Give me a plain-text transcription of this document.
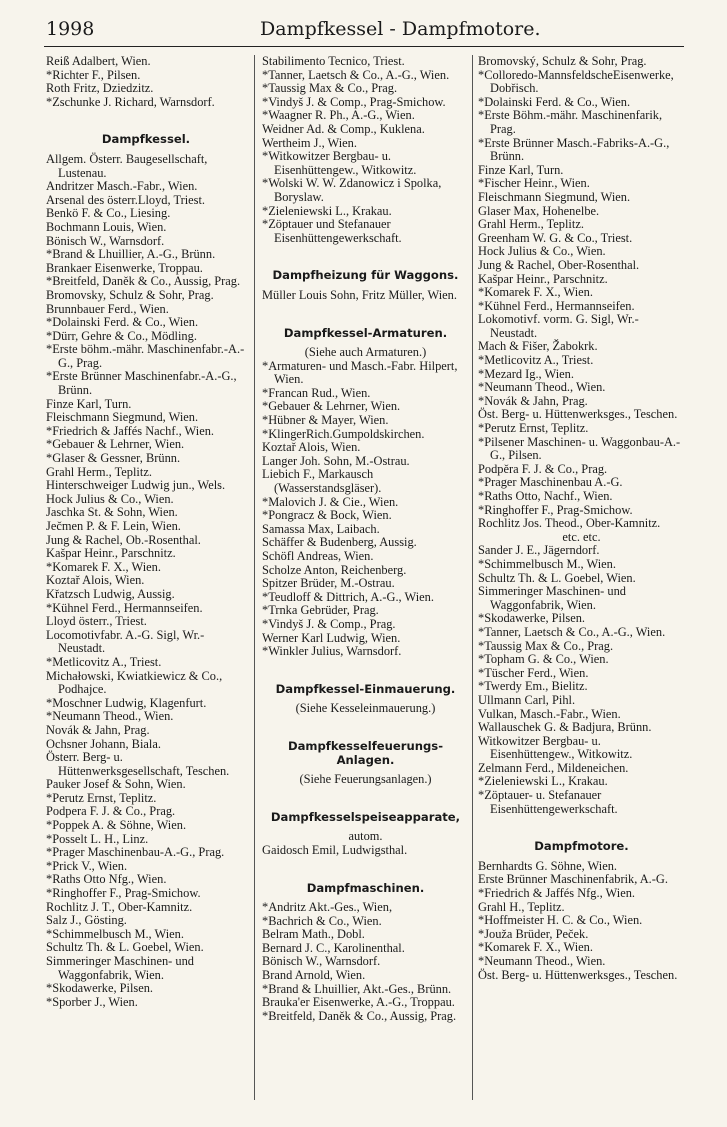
1998	Dampfkessel - Dampfmotore.
Reiß Adalbert, Wien.
*Richter F., Pilsen.
Roth Fritz, Dziedzitz.
*Zschunke J. Richard, Warnsdorf.
Dampfkessel.
Allgem. Österr. Baugesellschaft, Lustenau.
Andritzer Masch.-Fabr., Wien.
Arsenal des österr.Lloyd, Triest.
Benkö F. & Co., Liesing.
Bochmann Louis, Wien.
Bönisch W., Warnsdorf.
*Brand & Lhuillier, A.-G., Brünn.
Brankaer Eisenwerke, Troppau.
*Breitfeld, Daněk & Co., Aussig, Prag.
Bromovsky, Schulz & Sohr, Prag.
Brunnbauer Ferd., Wien.
*Dolainski Ferd. & Co., Wien.
*Dürr, Gehre & Co., Mödling.
*Erste böhm.-mähr. Maschinenfabr.-A.-G., Prag.
*Erste Brünner Maschinenfabr.-A.-G., Brünn.
Finze Karl, Turn.
Fleischmann Siegmund, Wien.
*Friedrich & Jaffés Nachf., Wien.
*Gebauer & Lehrner, Wien.
*Glaser & Gessner, Brünn.
Grahl Herm., Teplitz.
Hinterschweiger Ludwig jun., Wels.
Hock Julius & Co., Wien.
Jaschka St. & Sohn, Wien.
Ječmen P. & F. Lein, Wien.
Jung & Rachel, Ob.-Rosenthal.
Kašpar Heinr., Parschnitz.
*Komarek F. X., Wien.
Koztař Alois, Wien.
Křatzsch Ludwig, Aussig.
*Kühnel Ferd., Hermannseifen.
Lloyd österr., Triest.
Locomotivfabr. A.-G. Sigl, Wr.-Neustadt.
*Metlicovitz A., Triest.
Michałowski, Kwiatkiewicz & Co., Podhajce.
*Moschner Ludwig, Klagenfurt.
*Neumann Theod., Wien.
Novák & Jahn, Prag.
Ochsner Johann, Biala.
Österr. Berg- u. Hüttenwerksgesellschaft, Teschen.
Pauker Josef & Sohn, Wien.
*Perutz Ernst, Teplitz.
Podpera F. J. & Co., Prag.
*Poppek A. & Söhne, Wien.
*Posselt L. H., Linz.
*Prager Maschinenbau-A.-G., Prag.
*Prick V., Wien.
*Raths Otto Nfg., Wien.
*Ringhoffer F., Prag-Smichow.
Rochlitz J. T., Ober-Kamnitz.
Salz J., Gösting.
*Schimmelbusch M., Wien.
Schultz Th. & L. Goebel, Wien.
Simmeringer Maschinen- und Waggonfabrik, Wien.
*Skodawerke, Pilsen.
*Sporber J., Wien.
Stabilimento Tecnico, Triest.
*Tanner, Laetsch & Co., A.-G., Wien.
*Taussig Max & Co., Prag.
*Vindyš J. & Comp., Prag-Smichow.
*Waagner R. Ph., A.-G., Wien.
Weidner Ad. & Comp., Kuklena.
Wertheim J., Wien.
*Witkowitzer Bergbau- u. Eisenhüttengew., Witkowitz.
*Wolski W. W. Zdanowicz i Spolka, Boryslaw.
*Zieleniewski L., Krakau.
*Zöptauer und Stefanauer Eisenhüttengewerkschaft.
Dampfheizung für Waggons.
Müller Louis Sohn, Fritz Müller, Wien.
Dampfkessel-Armaturen.
(Siehe auch Armaturen.)
*Armaturen- und Masch.-Fabr. Hilpert, Wien.
*Francan Rud., Wien.
*Gebauer & Lehrner, Wien.
*Hübner & Mayer, Wien.
*KlingerRich.Gumpoldskirchen.
Koztař Alois, Wien.
Langer Joh. Sohn, M.-Ostrau.
Liebich F., Markausch (Wasserstandsgläser).
*Malovich J. & Cie., Wien.
*Pongracz & Bock, Wien.
Samassa Max, Laibach.
Schäffer & Budenberg, Aussig.
Schöfl Andreas, Wien.
Scholze Anton, Reichenberg.
Spitzer Brüder, M.-Ostrau.
*Teudloff & Dittrich, A.-G., Wien.
*Trnka Gebrüder, Prag.
*Vindyš J. & Comp., Prag.
Werner Karl Ludwig, Wien.
*Winkler Julius, Warnsdorf.
Dampfkessel-Einmauerung.
(Siehe Kesseleinmauerung.)
Dampfkesselfeuerungs-Anlagen.
(Siehe Feuerungsanlagen.)
Dampfkesselspeiseapparate,
autom.
Gaidosch Emil, Ludwigsthal.
Dampfmaschinen.
*Andritz Akt.-Ges., Wien,
*Bachrich & Co., Wien.
Belram Math., Dobl.
Bernard J. C., Karolinenthal.
Bönisch W., Warnsdorf.
Brand Arnold, Wien.
*Brand & Lhuillier, Akt.-Ges., Brünn.
Brauka'er Eisenwerke, A.-G., Troppau.
*Breitfeld, Daněk & Co., Aussig, Prag.
Bromovský, Schulz & Sohr, Prag.
*Colloredo-MannsfeldscheEisenwerke, Dobřisch.
*Dolainski Ferd. & Co., Wien.
*Erste Böhm.-mähr. Maschinenfarik, Prag.
*Erste Brünner Masch.-Fabriks-A.-G., Brünn.
Finze Karl, Turn.
*Fischer Heinr., Wien.
Fleischmann Siegmund, Wien.
Glaser Max, Hohenelbe.
Grahl Herm., Teplitz.
Greenham W. G. & Co., Triest.
Hock Julius & Co., Wien.
Jung & Rachel, Ober-Rosenthal.
Kašpar Heinr., Parschnitz.
*Komarek F. X., Wien.
*Kühnel Ferd., Hermannseifen.
Lokomotivf. vorm. G. Sigl, Wr.-Neustadt.
Mach & Fišer, Žabokrk.
*Metlicovitz A., Triest.
*Mezard Ig., Wien.
*Neumann Theod., Wien.
*Novák & Jahn, Prag.
Öst. Berg- u. Hüttenwerksges., Teschen.
*Perutz Ernst, Teplitz.
*Pilsener Maschinen- u. Waggonbau-A.-G., Pilsen.
Podpěra F. J. & Co., Prag.
*Prager Maschinenbau A.-G.
*Raths Otto, Nachf., Wien.
*Ringhoffer F., Prag-Smichow.
Rochlitz Jos. Theod., Ober-Kamnitz.
etc. etc.
Sander J. E., Jägerndorf.
*Schimmelbusch M., Wien.
Schultz Th. & L. Goebel, Wien.
Simmeringer Maschinen- und Waggonfabrik, Wien.
*Skodawerke, Pilsen.
*Tanner, Laetsch & Co., A.-G., Wien.
*Taussig Max & Co., Prag.
*Topham G. & Co., Wien.
*Tüscher Ferd., Wien.
*Twerdy Em., Bielitz.
Ullmann Carl, Pihl.
Vulkan, Masch.-Fabr., Wien.
Wallauschek G. & Badjura, Brünn.
Witkowitzer Bergbau- u. Eisenhüttengew., Witkowitz.
Zelmann Ferd., Mildeneichen.
*Zieleniewski L., Krakau.
*Zöptauer- u. Stefanauer Eisenhüttengewerkschaft.
Dampfmotore.
Bernhardts G. Söhne, Wien.
Erste Brünner Maschinenfabrik, A.-G.
*Friedrich & Jaffés Nfg., Wien.
Grahl H., Teplitz.
*Hoffmeister H. C. & Co., Wien.
*Jouža Brüder, Peček.
*Komarek F. X., Wien.
*Neumann Theod., Wien.
Öst. Berg- u. Hüttenwerksges., Teschen.
